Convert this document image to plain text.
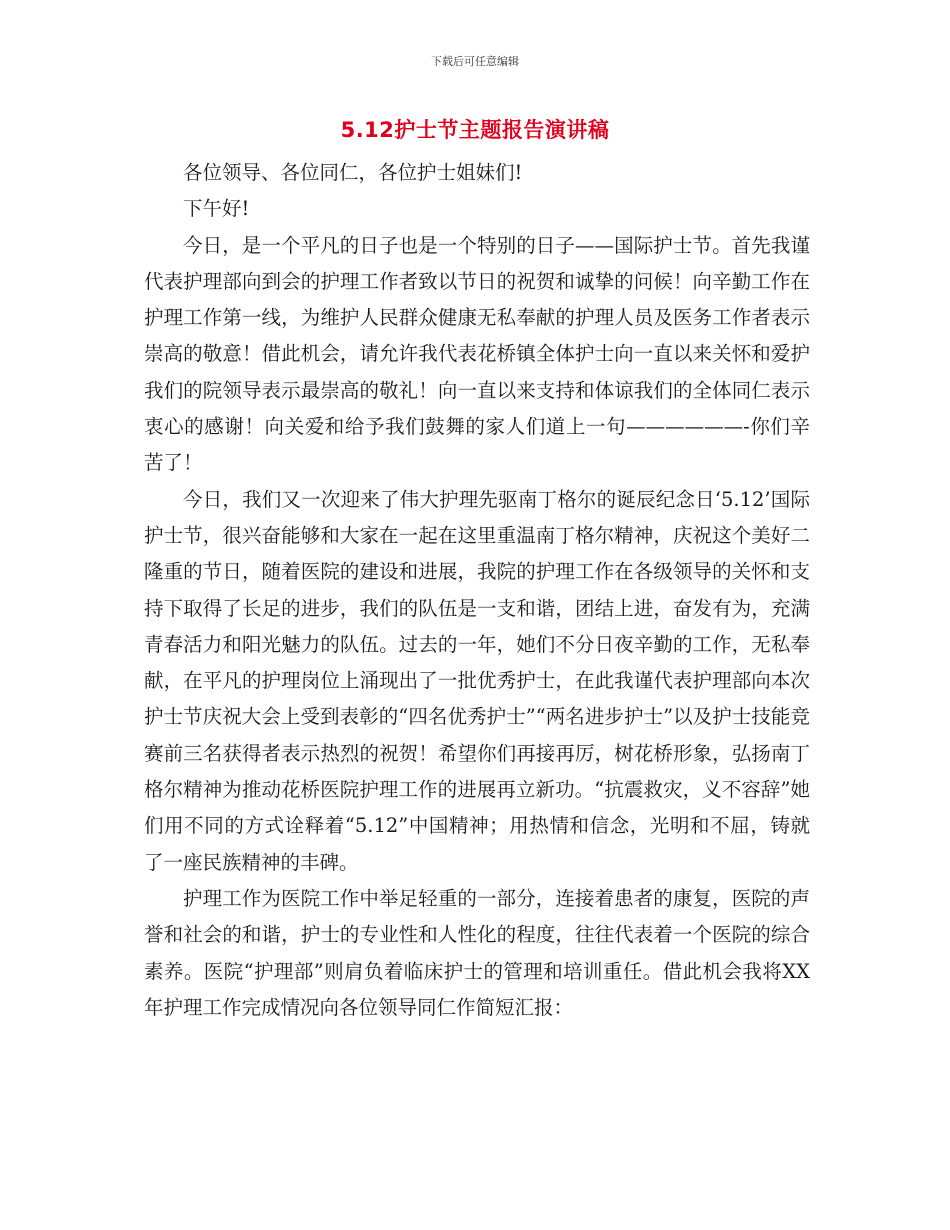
下载后可任意编辑
5.12护士节主题报告演讲稿

各位领导、各位同仁，各位护士姐妹们!

下午好!

今日，是一个平凡的日子也是一个特别的日子——国际护士节。首先我谨代表护理部向到会的护理工作者致以节日的祝贺和诚挚的问候！向辛勤工作在护理工作第一线，为维护人民群众健康无私奉献的护理人员及医务工作者表示崇高的敬意！借此机会，请允许我代表花桥镇全体护士向一直以来关怀和爱护我们的院领导表示最崇高的敬礼！向一直以来支持和体谅我们的全体同仁表示衷心的感谢！向关爱和给予我们鼓舞的家人们道上一句——————-你们辛苦了！

今日，我们又一次迎来了伟大护理先驱南丁格尔的诞辰纪念日‘5.12’国际护士节，很兴奋能够和大家在一起在这里重温南丁格尔精神，庆祝这个美好二隆重的节日，随着医院的建设和进展，我院的护理工作在各级领导的关怀和支持下取得了长足的进步，我们的队伍是一支和谐，团结上进，奋发有为，充满青春活力和阳光魅力的队伍。过去的一年，她们不分日夜辛勤的工作，无私奉献，在平凡的护理岗位上涌现出了一批优秀护士，在此我谨代表护理部向本次护士节庆祝大会上受到表彰的“四名优秀护士”“两名进步护士”以及护士技能竞赛前三名获得者表示热烈的祝贺！希望你们再接再厉，树花桥形象，弘扬南丁格尔精神为推动花桥医院护理工作的进展再立新功。“抗震救灾，义不容辞”她们用不同的方式诠释着“5.12”中国精神；用热情和信念，光明和不屈，铸就了一座民族精神的丰碑。

护理工作为医院工作中举足轻重的一部分，连接着患者的康复，医院的声誉和社会的和谐，护士的专业性和人性化的程度，往往代表着一个医院的综合素养。医院“护理部”则肩负着临床护士的管理和培训重任。借此机会我将XX年护理工作完成情况向各位领导同仁作简短汇报：
